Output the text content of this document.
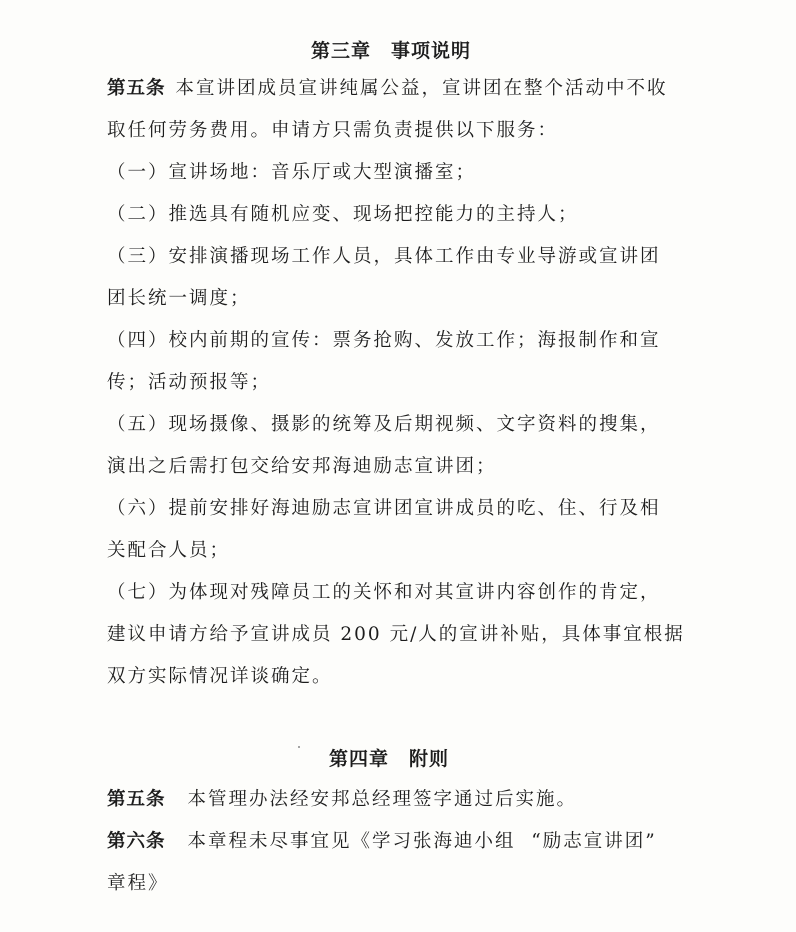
第三章 事项说明
第五条 本宣讲团成员宣讲纯属公益，宣讲团在整个活动中不收
取任何劳务费用。申请方只需负责提供以下服务：
（一）宣讲场地：音乐厅或大型演播室；
（二）推选具有随机应变、现场把控能力的主持人；
（三）安排演播现场工作人员，具体工作由专业导游或宣讲团
团长统一调度；
（四）校内前期的宣传：票务抢购、发放工作；海报制作和宣
传；活动预报等；
（五）现场摄像、摄影的统筹及后期视频、文字资料的搜集，
演出之后需打包交给安邦海迪励志宣讲团；
（六）提前安排好海迪励志宣讲团宣讲成员的吃、住、行及相
关配合人员；
（七）为体现对残障员工的关怀和对其宣讲内容创作的肯定，
建议申请方给予宣讲成员 200 元/人的宣讲补贴，具体事宜根据
双方实际情况详谈确定。
第四章 附则
第五条 本管理办法经安邦总经理签字通过后实施。
第六条 本章程未尽事宜见《学习张海迪小组  “励志宣讲团”
章程》
